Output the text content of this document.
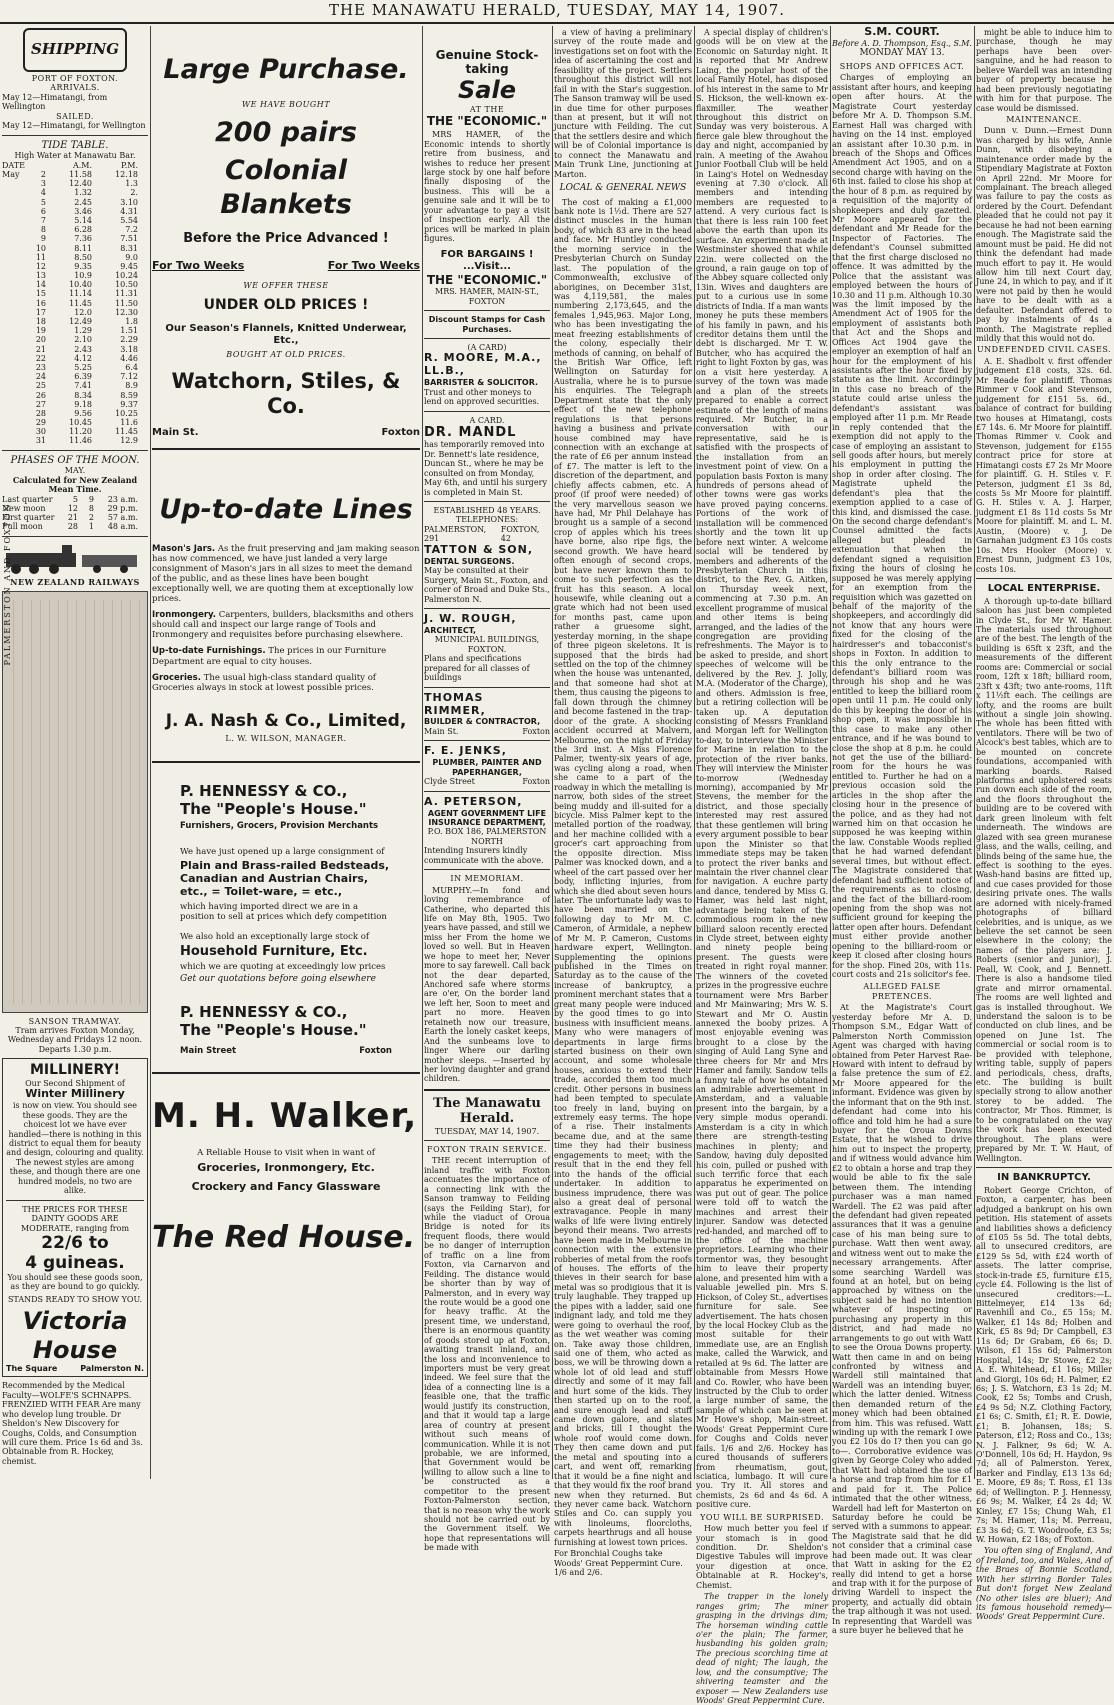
THE MANAWATU HERALD, TUESDAY, MAY 14, 1907.
SHIPPING
PORT OF FOXTON.
ARRIVALS.
May 12—Himatangi, from Wellington
SAILED.
May 12—Himatangi, for Wellington
TIDE TABLE.
High Water at Manawatu Bar.
DATE	A.M.	P.M.
May	2	11.58	12.18
3	12.40	1.3
4	1.32	2.
5	2.45	3.10
6	3.46	4.31
7	5.14	5.54
8	6.28	7.2
9	7.36	7.51
10	8.11	8.31
11	8.50	9.0
12	9.35	9.45
13	10.9	10.24
14	10.40	10.50
15	11.14	11.31
16	11.45	11.50
17	12.0	12.30
18	12.49	1.8
19	1.29	1.51
20	2.10	2.29
21	2.43	3.18
22	4.12	4.46
23	5.25	6.4
24	6.39	7.12
25	7.41	8.9
26	8.34	8.59
27	9.18	9.37
28	9.56	10.25
29	10.45	11.6
30	11.20	11.45
31	11.46	12.9
PHASES OF THE MOON.
MAY.
Calculated for New Zealand Mean Time.
Last quarter	5	9	23 a.m.
New moon	12	8	29 p.m.
First quarter	21	2	57 a.m.
Full moon	28	1	48 a.m.
NEW ZEALAND RAILWAYS
PALMERSTON AND FOXTON.
SANSON TRAMWAY.
Tram arrives Foxton Monday, Wednesday and Fridays 12 noon. Departs 1.30 p.m.
MILLINERY!
Our Second Shipment of
Winter Millinery
is now on view. You should see these goods. They are the choicest lot we have ever handled—there is nothing in this district to equal them for beauty and design, colouring and quality. The newest styles are among these, and though there are one hundred models, no two are alike.
THE PRICES FOR THESE DAINTY GOODS ARE MODERATE, ranging from
22/6 to
4 guineas.
You should see these goods soon, as they are bound to go quickly.
STANDS READY TO SHOW YOU.
Victoria
House
The Square	Palmerston N.
Recommended by the Medical Faculty—WOLFE'S SCHNAPPS.
FRENZIED WITH FEAR Are many who develop lung trouble. Dr Sheldon's New Discovery for Coughs, Colds, and Consumption will cure them. Price 1s 6d and 3s. Obtainable from R. Hockey, chemist.
Large Purchase.
WE HAVE BOUGHT
200 pairs
Colonial
Blankets
Before the Price Advanced !
For Two Weeks	For Two Weeks
WE OFFER THESE
UNDER OLD PRICES !
Our Season's Flannels, Knitted Underwear, Etc.,
BOUGHT AT OLD PRICES.
Watchorn, Stiles, & Co.
Main St.	Foxton
Up-to-date Lines
Mason's Jars. As the fruit preserving and jam making season has now commenced, we have just landed a very large consignment of Mason's jars in all sizes to meet the demand of the public, and as these lines have been bought exceptionally well, we are quoting them at exceptionally low prices.
Ironmongery. Carpenters, builders, blacksmiths and others should call and inspect our large range of Tools and Ironmongery and requisites before purchasing elsewhere.
Up-to-date Furnishings. The prices in our Furniture Department are equal to city houses.
Groceries. The usual high-class standard quality of Groceries always in stock at lowest possible prices.
J. A. Nash & Co., Limited,
L. W. WILSON, MANAGER.
P. HENNESSY & CO.,
The "People's House."
Furnishers, Grocers, Provision Merchants
We have just opened up a large consignment of
Plain and Brass-railed Bedsteads, Canadian and Austrian Chairs, etc., = Toilet-ware, = etc.,
which having imported direct we are in a position to sell at prices which defy competition
We also hold an exceptionally large stock of
Household Furniture, Etc.
which we are quoting at exceedingly low prices
Get our quotations before going elsewhere
P. HENNESSY & CO.,
The "People's House."
Main Street	Foxton
M. H. Walker,
A Reliable House to visit when in want of
Groceries, Ironmongery, Etc.
Crockery and Fancy Glassware
The Red House.
Genuine Stock-taking
Sale
AT THE
THE "ECONOMIC."

MRS HAMER, of the Economic intends to shortly retire from business, and wishes to reduce her present large stock by one half before finally disposing of the business. This will be a genuine sale and it will be to your advantage to pay a visit of inspection early. All the prices will be marked in plain figures.

FOR BARGAINS !
...Visit...
THE "ECONOMIC."
MRS. HAMER, MAIN-ST., FOXTON
Discount Stamps for Cash Purchases.
(A CARD)
R. MOORE, M.A., LL.B.,
BARRISTER & SOLICITOR.
Trust and other moneys to lend on approved securities.
A CARD.
DR. MANDL
has temporarily removed into Dr. Bennett's late residence, Duncan St., where he may be consulted on from Monday, May 6th, and until his surgery is completed in Main St.
ESTABLISHED 48 YEARS.
TELEPHONES:
PALMERSTON, 291
FOXTON, 42
TATTON & SON,
DENTAL SURGEONS.
May be consulted at their Surgery, Main St., Foxton, and corner of Broad and Duke Sts., Palmerston N.
J. W. ROUGH,
ARCHITECT,
MUNICIPAL BUILDINGS, FOXTON.
Plans and specifications prepared for all classes of buildings
THOMAS RIMMER,
BUILDER & CONTRACTOR,
Main St.	Foxton
F. E. JENKS,
PLUMBER, PAINTER AND PAPERHANGER,
Clyde Street	Foxton
A. PETERSON,
AGENT GOVERNMENT LIFE INSURANCE DEPARTMENT,
P.O. BOX 186, PALMERSTON NORTH
Intending Insurers kindly communicate with the above.
IN MEMORIAM.

MURPHY.—In fond and loving remembrance of Catherine, who departed this life on May 8th, 1905. Two years have passed, and still we miss her From the home we loved so well. But in Heaven we hope to meet her, Never more to say farewell. Call back not the dear departed, Anchored safe where storms are o'er, On the border land we left her, Soon to meet and part no more. Heaven retaineth now our treasure, Earth the lonely casket keeps, And the sunbeams love to linger Where our darling mother sleeps. —Inserted by her loving daughter and grand children.

The Manawatu Herald.
TUESDAY, MAY 14, 1907.
FOXTON TRAIN SERVICE.

THE recent interruption of inland traffic with Foxton accentuates the importance of a connecting link with the Sanson tramway to Feilding (says the Feilding Star), for while the viaduct of Oroua Bridge is noted for its frequent floods, there would be no danger of interruption of traffic on a line from Foxton, via Carnarvon and Feilding. The distance would be shorter than by way of Palmerston, and in every way the route would be a good one for heavy traffic. At the present time, we understand, there is an enormous quantity of goods stored up at Foxton, awaiting transit inland, and the loss and inconvenience to importers must be very great indeed. We feel sure that the idea of a connecting line is a feasible one, that the traffic would justify its construction, and that it would tap a large area of country at present without such means of communication. While it is not probable, we are informed, that Government would be willing to allow such a line to be constructed as a competitor to the present Foxton-Palmerston section, that is no reason why the work should not be carried out by the Government itself. We hope that representations will be made with

a view of having a preliminary survey of the route made and investigations set on foot with the idea of ascertaining the cost and feasibility of the project. Settlers throughout this district will not fail in with the Star's suggestion. The Sanson tramway will be used in due time for other purposes than at present, but it will not juncture with Feilding. The cut that the settlers desire and which will be of Colonial importance is to connect the Manawatu and Main Trunk Line, junctioning at Marton.

LOCAL & GENERAL NEWS

The cost of making a £1,000 bank note is 1½d. There are 527 distinct muscles in the human body, of which 83 are in the head and face. Mr Huntley conducted the morning service in the Presbyterian Church on Sunday last. The population of the Commonwealth, exclusive of aborigines, on December 31st, was 4,119,581, the males numbering 2,173,645, and the females 1,945,963. Major Long, who has been investigating the meat freezing establishments of the colony, especially their methods of canning, on behalf of the British War Office, left Wellington on Saturday for Australia, where he is to pursue his enquiries. The Telegraph Department state that the only effect of the new telephone regulations is that persons having a business and private house combined may have connection with an exchange at the rate of £6 per annum instead of £7. The matter is left to the discretion of the department, and chiefly affects cabmen, etc. A proof (if proof were needed) of the very marvellous season we have had, Mr Phil Delahaye has brought us a sample of a second crop of apples which his trees have borne, also ripe figs, the second growth. We have heard often enough of second crops, but have never known them to come to such perfection as the fruit has this season. A local housewife, while cleaning out a grate which had not been used for months past, came upon rather a gruesome sight, yesterday morning, in the shape of three pigeon skeletons. It is supposed that the birds had settled on the top of the chimney when the house was untenanted, and that someone had shot at them, thus causing the pigeons to fall down through the chimney and become fastened in the trap-door of the grate. A shocking accident occurred at Malvern, Melbourne, on the night of Friday the 3rd inst. A Miss Florence Palmer, twenty-six years of age, was cycling along a road, when she came to a part of the roadway in which the metalling is narrow, both sides of the street being muddy and ill-suited for a bicycle. Miss Palmer kept to the metalled portion of the roadway, and her machine collided with a grocer's cart approaching from the opposite direction. Miss Palmer was knocked down, and a wheel of the cart passed over her body, inflicting injuries, from which she died about seven hours later. The unfortunate lady was to have been married on the following day to Mr M. C. Cameron, of Armidale, a nephew of Mr M. P. Cameron, Customs hardware expert, Wellington. Supplementing the opinions published in the Times on Saturday as to the cause of the increase of bankruptcy, a prominent merchant states that a great many people were induced by the good times to go into business with insufficient means. Many who were managers of departments in large firms started business on their own account, and some wholesale houses, anxious to extend their trade, accorded them too much credit. Other persons in business had been tempted to speculate too freely in land, buying on extremely easy terms. The hope of a rise. Their instalments became due, and at the same time they had their business engagements to meet; with the result that in the end they fell into the hands of the official undertaker. In addition to business imprudence, there was also a great deal of personal extravagance. People in many walks of life were living entirely beyond their means. Two arrests have been made in Melbourne in connection with the extensive robberies of metal from the roofs of houses. The efforts of the thieves in their search for base metal was so prodigious that it is truly laughable. They trapped up the pipes with a ladder, said one indignant lady, and told me they were going to overhaul the roof, as the wet weather was coming on. Take away those children, said one of them, who acted as boss, we will be throwing down a whole lot of old lead and stuff directly and some of it may fall and hurt some of the kids. They then started up on to the roof, and sure enough lead and stuff came down galore, and slates and bricks, till I thought the whole roof would come down. They then came down and put the metal and spouting into a cart, and went off, remarking that it would be a fine night and that they would fix the roof brand new when they returned. But they never came back. Watchorn Stiles and Co. can supply you with linoleums, floorcloths, carpets hearthrugs and all house furnishing at lowest town prices.

For Bronchial Coughs take Woods' Great Peppermint Cure. 1/6 and 2/6.

A special display of children's goods will be on view at the Economic on Saturday night. It is reported that Mr Andrew Laing, the popular host of the local Family Hotel, has disposed of his interest in the same to Mr S. Hickson, the well-known ex-flaxmiller. The weather throughout this district on Sunday was very boisterous. A fierce gale blew throughout the day and night, accompanied by rain. A meeting of the Awahou Junior Football Club will be held in Laing's Hotel on Wednesday evening at 7.30 o'clock. All members and intending members are requested to attend. A very curious fact is that there is less rain 100 feet above the earth than upon its surface. An experiment made at Westminster showed that while 22in. were collected on the ground, a rain gauge on top of the Abbey square collected only 13in. Wives and daughters are put to a curious use in some districts of India. If a man wants money he puts these members of his family in pawn, and his creditor detains them until the debt is discharged. Mr T. W. Butcher, who has acquired the right to light Foxton by gas, was on a visit here yesterday. A survey of the town was made and a plan of the streets prepared to enable a correct estimate of the length of mains required. Mr Butcher, in a conversation with our representative, said he is satisfied with the prospects of the installation from an investment point of view. On a population basis Foxton is many hundreds of persons ahead of other towns were gas works have proved paying concerns. Portions of the work of installation will be commenced shortly and the town lit up before next winter. A welcome social will be tendered by members and adherents of the Presbyterian Church in this district, to the Rev. G. Aitken, on Thursday week next, commencing at 7.30 p.m. An excellent programme of musical and other items is being arranged, and the ladies of the congregation are providing refreshments. The Mayor is to be asked to preside, and short speeches of welcome will be delivered by the Rev. J. Jolly, M.A. (Moderator of the Charge), and others. Admission is free, but a retiring collection will be taken up. A deputation consisting of Messrs Frankland and Morgan left for Wellington to-day, to interview the Minister for Marine in relation to the protection of the river banks. They will interview the Minister to-morrow (Wednesday morning), accompanied by Mr Stevens, the member for the district, and those specially interested may rest assured that these gentlemen will bring every argument possible to bear upon the Minister so that immediate steps may be taken to protect the river banks and maintain the river channel clear for navigation. A euchre party and dance, tendered by Miss G. Hamer, was held last night, advantage being taken of the commodious room in the new billiard saloon recently erected in Clyde street, between eighty and ninety people being present. The guests were treated in right royal manner. The winners of the coveted prizes in the progressive euchre tournament were Mrs Barber and Mr Mainwaring; Mrs W. S. Stewart and Mr O. Austin annexed the booby prizes. A most enjoyable evening was brought to a close by the singing of Auld Lang Syne and three cheers for Mr and Mrs Hamer and family. Sandow tells a funny tale of how he obtained an admirable advertisement in Amsterdam, and a valuable present into the bargain, by a very simple modus operandi. Amsterdam is a city in which there are strength-testing machines in plenty; and Sandow, having duly deposited his coin, pulled or pushed with such terrific force that each apparatus he experimented on was put out of gear. The police were told off to watch the machines and arrest their injurer. Sandow was detected red-handed, and marched off to the office of the machine proprietors. Learning who their tormentor was, they besought him to leave their property alone, and presented him with a valuable jewelled pin. Mrs S. Hickson, of Coley St., advertises furniture for sale. See advertisement. The hats chosen by the local Hockey Club as the most suitable for their immediate use, are an English make, called the Warwick, and retailed at 9s 6d. The latter are obtainable from Messrs Howe and Co. Rowler, who have been instructed by the Club to order a large number of same, the sample of which can be seen at Mr Howe's shop, Main-street. Woods' Great Peppermint Cure for Coughs and Colds never fails. 1/6 and 2/6. Hockey has cured thousands of sufferers from rheumatism, gout, sciatica, lumbago. It will cure you. Try it. All stores and chemists, 2s 6d and 4s 6d. A positive cure.

YOU WILL BE SURPRISED.

How much better you feel if your stomach is in good condition. Dr. Sheldon's Digestive Tabules will improve your digestion at once. Obtainable at R. Hockey's, Chemist.

The trapper in the lonely ranges grim; The miner grasping in the drivings dim; The horseman winding cattle o'er the plain; The farmer, husbanding his golden grain; The precious scorching time at dead of night; The laugh, the low, and the consumptive; The shivering teamster and the exposer — New Zealanders use Woods' Great Peppermint Cure.

S.M. COURT.
Before A. D. Thompson, Esq., S.M.
MONDAY MAY 13.
SHOPS AND OFFICES ACT.

Charges of employing an assistant after hours, and keeping open after hours. At the Magistrate Court yesterday before Mr A. D. Thompson S.M. Earnest Hall was charged with having on the 14 inst. employed an assistant after 10.30 p.m. in breach of the Shops and Offices Amendment Act 1905, and on a second charge with having on the 6th inst. failed to close his shop at the hour of 8 p.m. as required by a requisition of the majority of shopkeepers and duly gazetted. Mr Moore appeared for the defendant and Mr Reade for the Inspector of Factories. The defendant's Counsel submitted that the first charge disclosed no offence. It was admitted by the Police that the assistant was employed between the hours of 10.30 and 11 p.m. Although 10.30 was the limit imposed by the Amendment Act of 1905 for the employment of assistants both that Act and the Shops and Offices Act 1904 gave the employer an exemption of half an hour for the employment of his assistants after the hour fixed by statute as the limit. Accordingly in this case no breach of the statute could arise unless the defendant's assistant was employed after 11 p.m. Mr Reade in reply contended that the exemption did not apply to the case of employing an assistant to sell goods after hours, but merely his employment in putting the shop in order after closing. The Magistrate upheld the defendant's plea that the exemption applied to a case of this kind, and dismissed the case. On the second charge defendant's Counsel admitted the facts alleged but pleaded in extenuation that when the defendant signed a requisition fixing the hours of closing he supposed he was merely applying for an exemption from the requisition which was gazetted on behalf of the majority of the shopkeepers, and accordingly did not know that any hours were fixed for the closing of the hairdresser's and tobacconist's shops in Foxton. In addition to this the only entrance to the defendant's billiard room was through his shop and he was entitled to keep the billiard room open until 11 p.m. He could only do this by keeping the door of his shop open, it was impossible in this case to make any other entrance, and if he was bound to close the shop at 8 p.m. he could not get the use of the billiard-room for the hours he was entitled to. Further he had on a previous occasion sold the articles in the shop after the closing hour in the presence of the police, and as they had not warned him on that occasion he supposed he was keeping within the law. Constable Woods replied that he had warned defendant several times, but without effect. The Magistrate considered that defendant had sufficient notice of the requirements as to closing, and the fact of the billiard-room opening from the shop was not sufficient ground for keeping the latter open after hours. Defendant must either provide another opening to the billiard-room or keep it closed after closing hours for the shop. Fined 20s, with 11s. court costs and 21s solicitor's fee.

ALLEGED FALSE PRETENCES.

At the Magistrate's Court yesterday before Mr A. D. Thompson S.M., Edgar Watt of Palmerston North Commission Agent was charged with having obtained from Peter Harvest Rae-Howard with intent to defraud by a false pretence the sum of £2. Mr Moore appeared for the informant. Evidence was given by the informant that on the 9th inst. defendant had come into his office and told him he had a sure buyer for the Oroua Downs Estate, that he wished to drive him out to inspect the property, and if witness would advance him £2 to obtain a horse and trap they would be able to fix the sale between them. The intending purchaser was a man named Wardell. The £2 was paid after the defendant had given repeated assurances that it was a genuine case of his man being sure to purchase. Watt then went away, and witness went out to make the necessary arrangements. After some searching Wardell was found at an hotel, but on being approached by witness on the subject said he had no intention whatever of inspecting or purchasing any property in this district, and had made no arrangements to go out with Watt to see the Oroua Downs property. Watt then came in and on being confronted by witness and Wardell still maintained that Wardell was an intending buyer, which the latter denied. Witness then demanded return of the money which had been obtained from him. This was refused. Watt winding up with the remark I owe you £2 10s do I? then you can go to—. Corroborative evidence was given by George Coley who added that Watt had obtained the use of a horse and trap from him for £1 and paid for it. The Police intimated that the other witness, Wardell had left for Masterton on Saturday before he could be served with a summons to appear. The Magistrate said that he did not consider that a criminal case had been made out. It was clear that Watt in asking for the £2 really did intend to get a horse and trap with it for the purpose of driving Wardell to inspect the property, and actually did obtain the trap although it was not used. In representing that Wardell was a sure buyer he believed that he

might be able to induce him to purchase, though he may perhaps have been over-sanguine, and he had reason to believe Wardell was an intending buyer of property because he had been previously negotiating with him for that purpose. The case would be dismissed.

MAINTENANCE.

Dunn v. Dunn.—Ernest Dunn was charged by his wife, Annie Dunn, with disobeying a maintenance order made by the Stipendiary Magistrate at Foxton on April 22nd. Mr Moore for complainant. The breach alleged was failure to pay the costs as ordered by the Court. Defendant pleaded that he could not pay it because he had not been earning enough. The Magistrate said the amount must be paid. He did not think the defendant had made much effort to pay it. He would allow him till next Court day, June 24, in which to pay, and if it were not paid by then he would have to be dealt with as a defaulter. Defendant offered to pay by instalments of 4s a month. The Magistrate replied mildly that this would not do.

UNDEFENDED CIVIL CASES.

A. E. Shadbolt v. first offender judgement £18 costs, 32s. 6d. Mr Reade for plaintiff. Thomas Rimmer v Cook and Stevenson, judgement for £151 5s. 6d., balance of contract for building two houses at Himatangi, costs £7 14s. 6. Mr Moore for plaintiff. Thomas Rimmer v. Cook and Stevenson, judgement for £155 contract price for store at Himatangi costs £7 2s Mr Moore for plaintiff. G. H. Stiles v. F. Peterson, judgment £1 3s 8d, costs 5s Mr Moore for plaintiff. G. H. Stiles v. A. J. Harper, judgment £1 8s 11d costs 5s Mr Moore for plaintiff. M. and L. M. Austin, (Moore) v. J. De Garnahan judgment £3 10s costs 10s. Mrs Hooker (Moore) v. Ernest Dunn, judgment £3 10s, costs 10s.

LOCAL ENTERPRISE.

A thorough up-to-date billiard saloon has just been completed in Clyde St., for Mr W. Hamer. The materials used throughout are of the best. The length of the building is 65ft x 23ft, and the measurements of the different rooms are: Commercial or social room, 12ft x 18ft; billiard room, 23ft x 43ft; two ante-rooms, 11ft x 11½ft each. The ceilings are lofty, and the rooms are built without a single join showing. The whole has been fitted with ventilators. There will be two of Alcock's best tables, which are to be mounted on concrete foundations, accompanied with marking boards. Raised platforms and upholstered seats run down each side of the room, and the floors throughout the building are to be covered with dark green linoleum with felt underneath. The windows are glazed with sea green muranese glass, and the walls, ceiling, and blinds being of the same hue, the effect is soothing to the eyes. Wash-hand basins are fitted up, and cue cases provided for those desiring private ones. The walls are adorned with nicely-framed photographs of billiard celebrities, and is unique, as we believe the set cannot be seen elsewhere in the colony; the names of the players are: J. Roberts (senior and junior), J. Peall, W. Cook, and J. Bennett. There is also a handsome tiled grate and mirror ornamental. The rooms are well lighted and gas is installed throughout. We understand the saloon is to be conducted on club lines, and be opened on June 1st. The commercial or social room is to be provided with telephone, writing table, supply of papers and periodicals, chess, drafts, etc. The building is built specially strong to allow another storey to be added. The contractor, Mr Thos. Rimmer, is to be congratulated on the way the work has been executed throughout. The plans were prepared by Mr. T. W. Haut, of Wellington.

IN BANKRUPTCY.

Robert George Crichton, of Foxton, a carpenter, has been adjudged a bankrupt on his own petition. His statement of assets and liabilities shows a deficiency of £105 5s 5d. The total debts, all to unsecured creditors, are £129 5s 5d, with £24 worth of assets. The latter comprise, stock-in-trade £5, furniture £15, cycle £4. Following is the list of unsecured creditors:—L. Bittelmeyer, £14 13s 6d; Ravenhill and Co., £5 15s; M. Walker, £1 14s 8d; Holben and Kirk, £5 8s 9d; Dr Campbell, £3 11s 6d; Dr Grabam, £6 6s; D. Wilson, £1 15s 6d; Palmerston Hospital, 14s; Dr Stowe, £2 2s; A. E. Whitehead, £1 16s; Miller and Giorgi, 10s 6d; H. Palmer, £2 6s; J. S. Watchorn, £3 1s 2d; M. Cook, £2 5s; Tombs and Crush, £4 9s 5d; N.Z. Clothing Factory, £1 6s; C. Smith, £1; R. E. Dowie, £1; B. Johansen, 18s; S. Paterson, £12; Ross and Co., 13s; N. J. Falkner, 9s 6d; W. A. O'Donnell, 10s 6d; H. Haydon, 9s 7d; all of Palmerston. Yerex, Barker and Findlay, £13 13s 6d; E. Moore, £9 8s; T. Ross, £1 13s 6d; of Wellington. P. J. Hennessy, £6 9s; M. Walker, £4 2s 4d; W. Kinley, £7 15s; Chung Wah, £1 7s; M. Hamer, 11s; M. Perreau, £3 3s 6d; G. T. Woodroofe, £3 5s; W. Howan, £2 18s; of Foxton.

You often sing of England, And of Ireland, too, and Wales, And of the Braes of Bonnie Scotland, With her stirring Border Tales But don't forget New Zealand (No other isles are bluer); And its famous household remedy— Woods' Great Peppermint Cure.
